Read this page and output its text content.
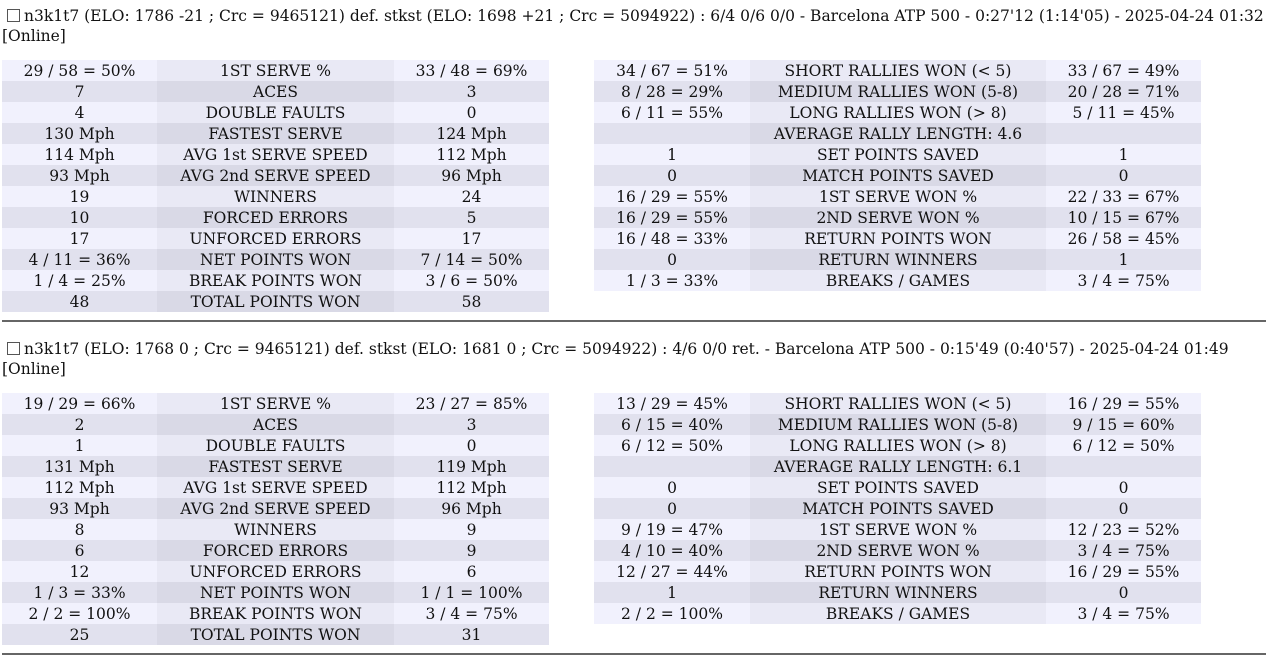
n3k1t7 (ELO: 1786 -21 ; Crc = 9465121) def. stkst (ELO: 1698 +21 ; Crc = 5094922) : 6/4 0/6 0/0 - Barcelona ATP 500 - 0:27'12 (1:14'05) - 2025-04-24 01:32 [Online]
29 / 58 = 50%	1ST SERVE %	33 / 48 = 69%
7	ACES	3
4	DOUBLE FAULTS	0
130 Mph	FASTEST SERVE	124 Mph
114 Mph	AVG 1st SERVE SPEED	112 Mph
93 Mph	AVG 2nd SERVE SPEED	96 Mph
19	WINNERS	24
10	FORCED ERRORS	5
17	UNFORCED ERRORS	17
4 / 11 = 36%	NET POINTS WON	7 / 14 = 50%
1 / 4 = 25%	BREAK POINTS WON	3 / 6 = 50%
48	TOTAL POINTS WON	58
34 / 67 = 51%	SHORT RALLIES WON (< 5)	33 / 67 = 49%
8 / 28 = 29%	MEDIUM RALLIES WON (5-8)	20 / 28 = 71%
6 / 11 = 55%	LONG RALLIES WON (> 8)	5 / 11 = 45%
	AVERAGE RALLY LENGTH: 4.6	
1	SET POINTS SAVED	1
0	MATCH POINTS SAVED	0
16 / 29 = 55%	1ST SERVE WON %	22 / 33 = 67%
16 / 29 = 55%	2ND SERVE WON %	10 / 15 = 67%
16 / 48 = 33%	RETURN POINTS WON	26 / 58 = 45%
0	RETURN WINNERS	1
1 / 3 = 33%	BREAKS / GAMES	3 / 4 = 75%
n3k1t7 (ELO: 1768 0 ; Crc = 9465121) def. stkst (ELO: 1681 0 ; Crc = 5094922) : 4/6 0/0 ret. - Barcelona ATP 500 - 0:15'49 (0:40'57) - 2025-04-24 01:49 [Online]
19 / 29 = 66%	1ST SERVE %	23 / 27 = 85%
2	ACES	3
1	DOUBLE FAULTS	0
131 Mph	FASTEST SERVE	119 Mph
112 Mph	AVG 1st SERVE SPEED	112 Mph
93 Mph	AVG 2nd SERVE SPEED	96 Mph
8	WINNERS	9
6	FORCED ERRORS	9
12	UNFORCED ERRORS	6
1 / 3 = 33%	NET POINTS WON	1 / 1 = 100%
2 / 2 = 100%	BREAK POINTS WON	3 / 4 = 75%
25	TOTAL POINTS WON	31
13 / 29 = 45%	SHORT RALLIES WON (< 5)	16 / 29 = 55%
6 / 15 = 40%	MEDIUM RALLIES WON (5-8)	9 / 15 = 60%
6 / 12 = 50%	LONG RALLIES WON (> 8)	6 / 12 = 50%
	AVERAGE RALLY LENGTH: 6.1	
0	SET POINTS SAVED	0
0	MATCH POINTS SAVED	0
9 / 19 = 47%	1ST SERVE WON %	12 / 23 = 52%
4 / 10 = 40%	2ND SERVE WON %	3 / 4 = 75%
12 / 27 = 44%	RETURN POINTS WON	16 / 29 = 55%
1	RETURN WINNERS	0
2 / 2 = 100%	BREAKS / GAMES	3 / 4 = 75%
